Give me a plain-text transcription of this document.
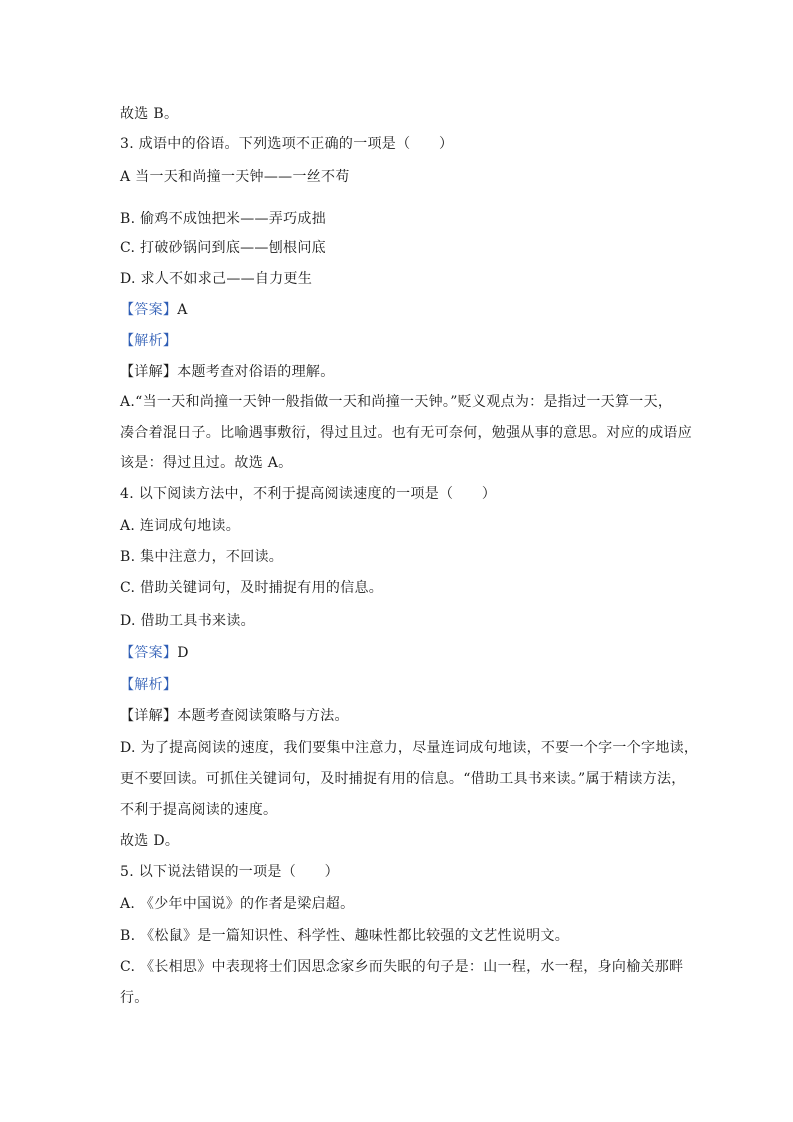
故选 B。
3. 成语中的俗语。下列选项不正确的一项是（　　）
A 当一天和尚撞一天钟——一丝不苟
B. 偷鸡不成蚀把米——弄巧成拙
C. 打破砂锅问到底——刨根问底
D. 求人不如求己——自力更生
【答案】A
【解析】
【详解】本题考查对俗语的理解。
A.“当一天和尚撞一天钟一般指做一天和尚撞一天钟。”贬义观点为：是指过一天算一天，
凑合着混日子。比喻遇事敷衍，得过且过。也有无可奈何，勉强从事的意思。对应的成语应
该是：得过且过。故选 A。
4. 以下阅读方法中，不利于提高阅读速度的一项是（　　）
A. 连词成句地读。
B. 集中注意力，不回读。
C. 借助关键词句，及时捕捉有用的信息。
D. 借助工具书来读。
【答案】D
【解析】
【详解】本题考查阅读策略与方法。
D. 为了提高阅读的速度，我们要集中注意力，尽量连词成句地读，不要一个字一个字地读，
更不要回读。可抓住关键词句，及时捕捉有用的信息。“借助工具书来读。”属于精读方法，
不利于提高阅读的速度。
故选 D。
5. 以下说法错误的一项是（　　）
A. 《少年中国说》的作者是梁启超。
B. 《松鼠》是一篇知识性、科学性、趣味性都比较强的文艺性说明文。
C. 《长相思》中表现将士们因思念家乡而失眠的句子是：山一程，水一程，身向榆关那畔
行。
